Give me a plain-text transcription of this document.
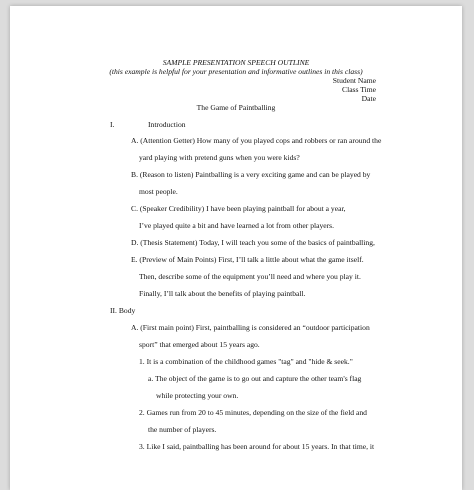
SAMPLE PRESENTATION SPEECH OUTLINE
(this example is helpful for your presentation and informative outlines in this class)
Student Name
Class Time
Date
The Game of Paintballing
I.	Introduction
A. (Attention Getter) How many of you played cops and robbers or ran around the
yard playing with pretend guns when you were kids?
B. (Reason to listen) Paintballing is a very exciting game and can be played by
most people.
C. (Speaker Credibility) I have been playing paintball for about a year,
I’ve played quite a bit and have learned a lot from other players.
D. (Thesis Statement) Today, I will teach you some of the basics of paintballing,
E. (Preview of Main Points) First, I’ll talk a little about what the game itself.
Then, describe some of the equipment you’ll need and where you play it.
Finally, I’ll talk about the benefits of playing paintball.
II. Body
A. (First main point) First, paintballing is considered an “outdoor participation
sport” that emerged about 15 years ago.
1. It is a combination of the childhood games "tag" and "hide & seek."
a. The object of the game is to go out and capture the other team's flag
while protecting your own.
2. Games run from 20 to 45 minutes, depending on the size of the field and
the number of players.
3. Like I said, paintballing has been around for about 15 years. In that time, it
